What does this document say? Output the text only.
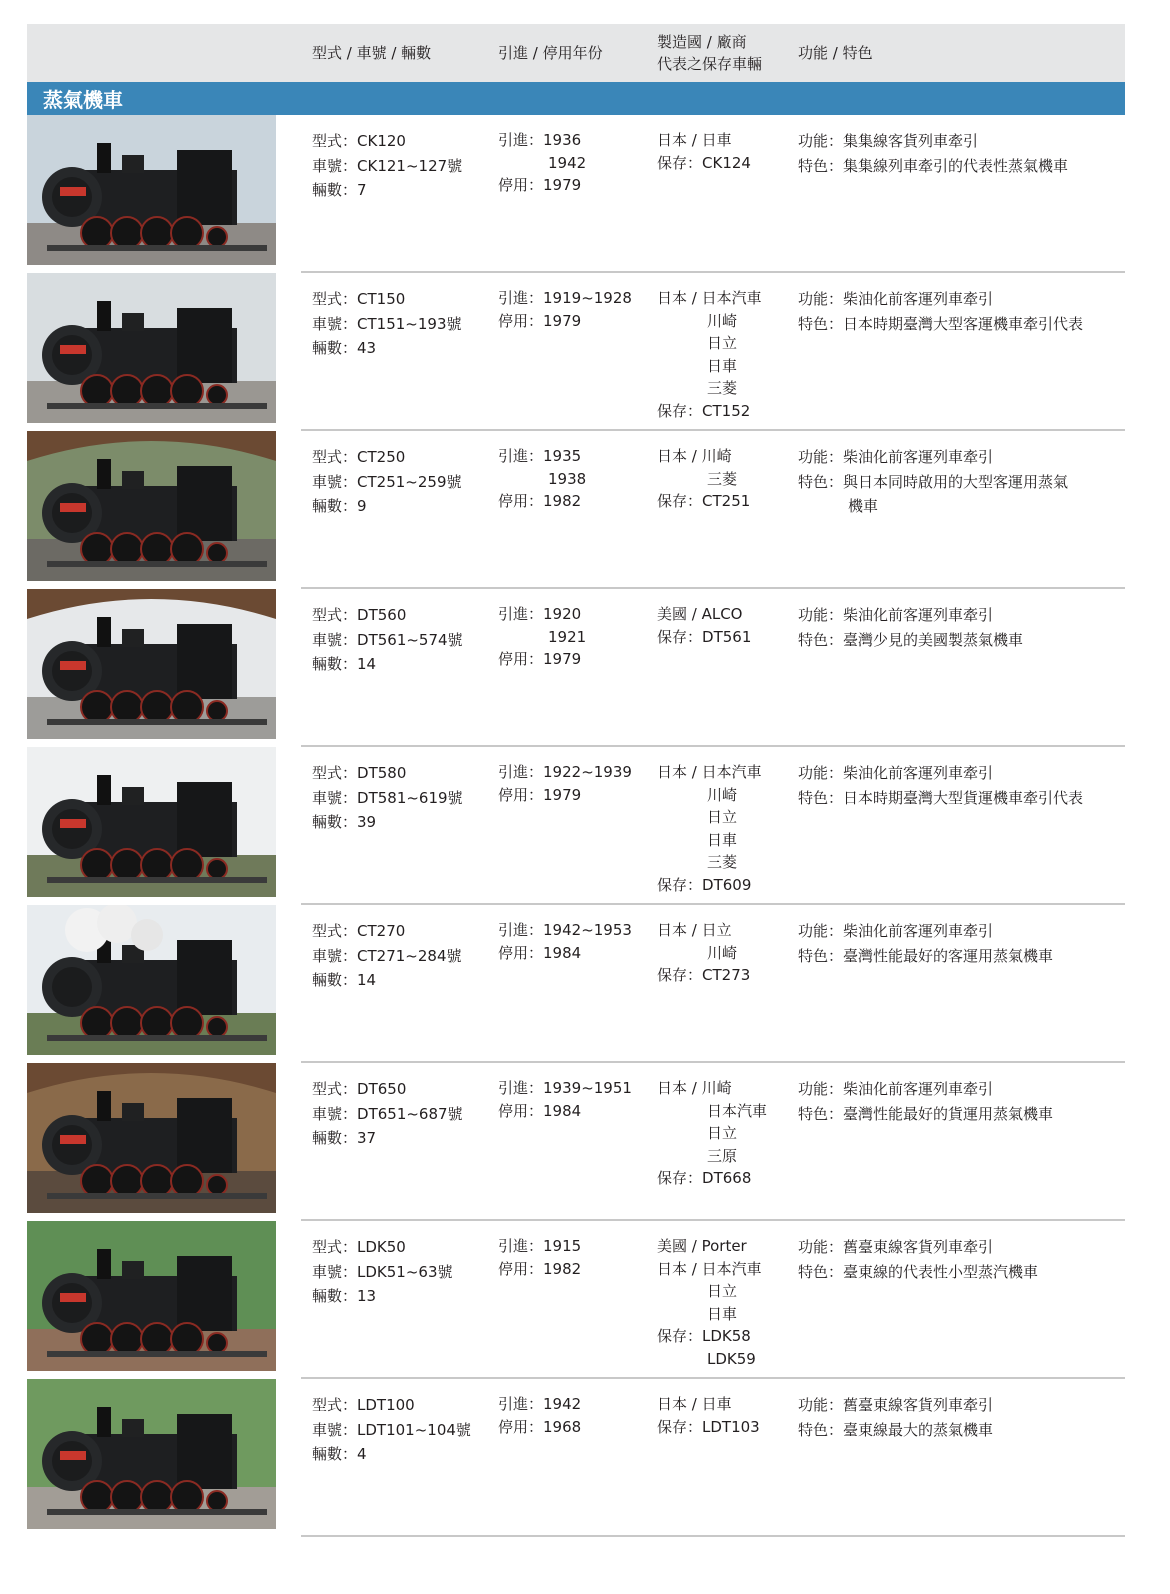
型式 / 車號 / 輛數	引進 / 停用年份
製造國 / 廠商
代表之保存車輛
功能 / 特色
蒸氣機車
型式：CK120
車號：CK121~127號
輛數：7
引進：1936
1942
停用：1979
日本 / 日車
保存：CK124
功能：集集線客貨列車牽引
特色：集集線列車牽引的代表性蒸氣機車
型式：CT150
車號：CT151~193號
輛數：43
引進：1919~1928
停用：1979
日本 / 日本汽車
川崎
日立
日車
三菱
保存：CT152
功能：柴油化前客運列車牽引
特色：日本時期臺灣大型客運機車牽引代表
型式：CT250
車號：CT251~259號
輛數：9
引進：1935
1938
停用：1982
日本 / 川崎
三菱
保存：CT251
功能：柴油化前客運列車牽引
特色：與日本同時啟用的大型客運用蒸氣
機車
型式：DT560
車號：DT561~574號
輛數：14
引進：1920
1921
停用：1979
美國 / ALCO
保存：DT561
功能：柴油化前客運列車牽引
特色：臺灣少見的美國製蒸氣機車
型式：DT580
車號：DT581~619號
輛數：39
引進：1922~1939
停用：1979
日本 / 日本汽車
川崎
日立
日車
三菱
保存：DT609
功能：柴油化前客運列車牽引
特色：日本時期臺灣大型貨運機車牽引代表
型式：CT270
車號：CT271~284號
輛數：14
引進：1942~1953
停用：1984
日本 / 日立
川崎
保存：CT273
功能：柴油化前客運列車牽引
特色：臺灣性能最好的客運用蒸氣機車
型式：DT650
車號：DT651~687號
輛數：37
引進：1939~1951
停用：1984
日本 / 川崎
日本汽車
日立
三原
保存：DT668
功能：柴油化前客運列車牽引
特色：臺灣性能最好的貨運用蒸氣機車
型式：LDK50
車號：LDK51~63號
輛數：13
引進：1915
停用：1982
美國 / Porter
日本 / 日本汽車
日立
日車
保存：LDK58
LDK59
功能：舊臺東線客貨列車牽引
特色：臺東線的代表性小型蒸汽機車
型式：LDT100
車號：LDT101~104號
輛數：4
引進：1942
停用：1968
日本 / 日車
保存：LDT103
功能：舊臺東線客貨列車牽引
特色：臺東線最大的蒸氣機車
